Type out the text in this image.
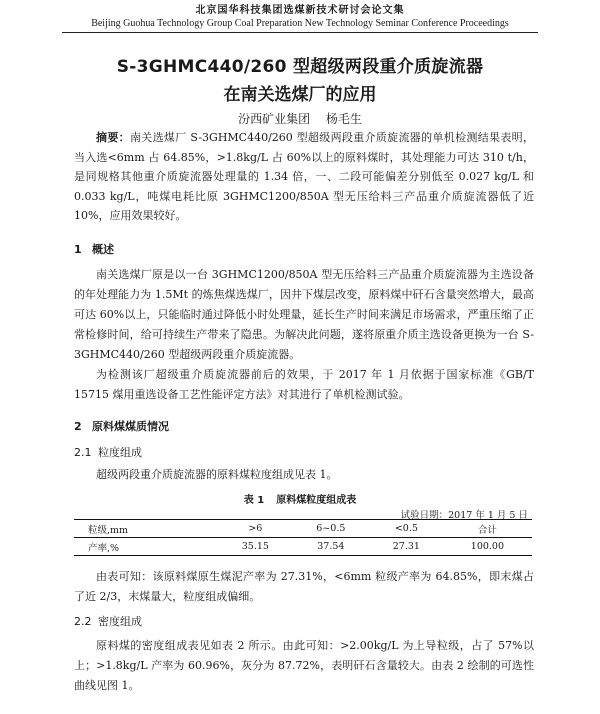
北京国华科技集团选煤新技术研讨会论文集
Beijing Guohua Technology Group Coal Preparation New Technology Seminar Conference Proceedings
S-3GHMC440/260 型超级两段重介质旋流器
在南关选煤厂的应用
汾西矿业集团 杨毛生
摘要：南关选煤厂 S-3GHMC440/260 型超级两段重介质旋流器的单机检测结果表明，当入选<6mm 占 64.85%，>1.8kg/L 占 60%以上的原料煤时，其处理能力可达 310 t/h，是同规格其他重介质旋流器处理量的 1.34 倍，一、二段可能偏差分别低至 0.027 kg/L 和 0.033 kg/L，吨煤电耗比原 3GHMC1200/850A 型无压给料三产品重介质旋流器低了近 10%，应用效果较好。
1 概述
南关选煤厂原是以一台 3GHMC1200/850A 型无压给料三产品重介质旋流器为主选设备的年处理能力为 1.5Mt 的炼焦煤选煤厂，因井下煤层改变，原料煤中矸石含量突然增大，最高可达 60%以上，只能临时通过降低小时处理量，延长生产时间来满足市场需求，严重压缩了正常检修时间，给可持续生产带来了隐患。为解决此问题，遂将原重介质主选设备更换为一台 S-3GHMC440/260 型超级两段重介质旋流器。
为检测该厂超级重介质旋流器前后的效果，于 2017 年 1 月依据于国家标准《GB/T 15715 煤用重选设备工艺性能评定方法》对其进行了单机检测试验。
2 原料煤煤质情况
2.1 粒度组成
超级两段重介质旋流器的原料煤粒度组成见表 1。
表 1 原料煤粒度组成表
试验日期：2017 年 1 月 5 日
粒级,mm	>6	6~0.5	<0.5	合计
产率,%	35.15	37.54	27.31	100.00
由表可知：该原料煤原生煤泥产率为 27.31%，<6mm 粒级产率为 64.85%，即末煤占了近 2/3，末煤量大，粒度组成偏细。
2.2 密度组成
原料煤的密度组成表见如表 2 所示。由此可知：>2.00kg/L 为上导粒级，占了 57%以上；>1.8kg/L 产率为 60.96%，灰分为 87.72%，表明矸石含量较大。由表 2 绘制的可选性曲线见图 1。
